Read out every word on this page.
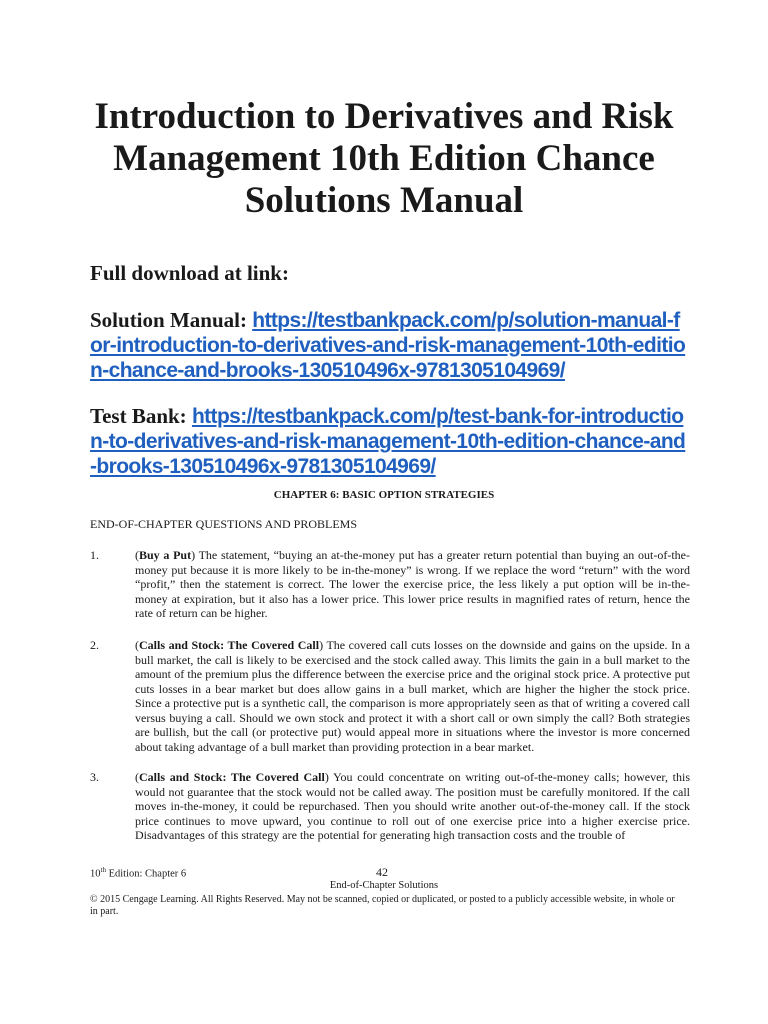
Introduction to Derivatives and Risk Management 10th Edition Chance Solutions Manual
Full download at link:
Solution Manual: https://testbankpack.com/p/solution-manual-for-introduction-to-derivatives-and-risk-management-10th-edition-chance-and-brooks-130510496x-9781305104969/
Test Bank: https://testbankpack.com/p/test-bank-for-introduction-to-derivatives-and-risk-management-10th-edition-chance-and-brooks-130510496x-9781305104969/
CHAPTER 6: BASIC OPTION STRATEGIES
END-OF-CHAPTER QUESTIONS AND PROBLEMS
1.	(Buy a Put) The statement, “buying an at-the-money put has a greater return potential than buying an out-of-the-money put because it is more likely to be in-the-money” is wrong. If we replace the word “return” with the word “profit,” then the statement is correct. The lower the exercise price, the less likely a put option will be in-the-money at expiration, but it also has a lower price. This lower price results in magnified rates of return, hence the rate of return can be higher.
2.	(Calls and Stock: The Covered Call) The covered call cuts losses on the downside and gains on the upside. In a bull market, the call is likely to be exercised and the stock called away. This limits the gain in a bull market to the amount of the premium plus the difference between the exercise price and the original stock price. A protective put cuts losses in a bear market but does allow gains in a bull market, which are higher the higher the stock price. Since a protective put is a synthetic call, the comparison is more appropriately seen as that of writing a covered call versus buying a call. Should we own stock and protect it with a short call or own simply the call? Both strategies are bullish, but the call (or protective put) would appeal more in situations where the investor is more concerned about taking advantage of a bull market than providing protection in a bear market.
3.	(Calls and Stock: The Covered Call) You could concentrate on writing out-of-the-money calls; however, this would not guarantee that the stock would not be called away. The position must be carefully monitored. If the call moves in-the-money, it could be repurchased. Then you should write another out-of-the-money call. If the stock price continues to move upward, you continue to roll out of one exercise price into a higher exercise price. Disadvantages of this strategy are the potential for generating high transaction costs and the trouble of
10th Edition: Chapter 6	42
End-of-Chapter Solutions
© 2015 Cengage Learning. All Rights Reserved. May not be scanned, copied or duplicated, or posted to a publicly accessible website, in whole or in part.
